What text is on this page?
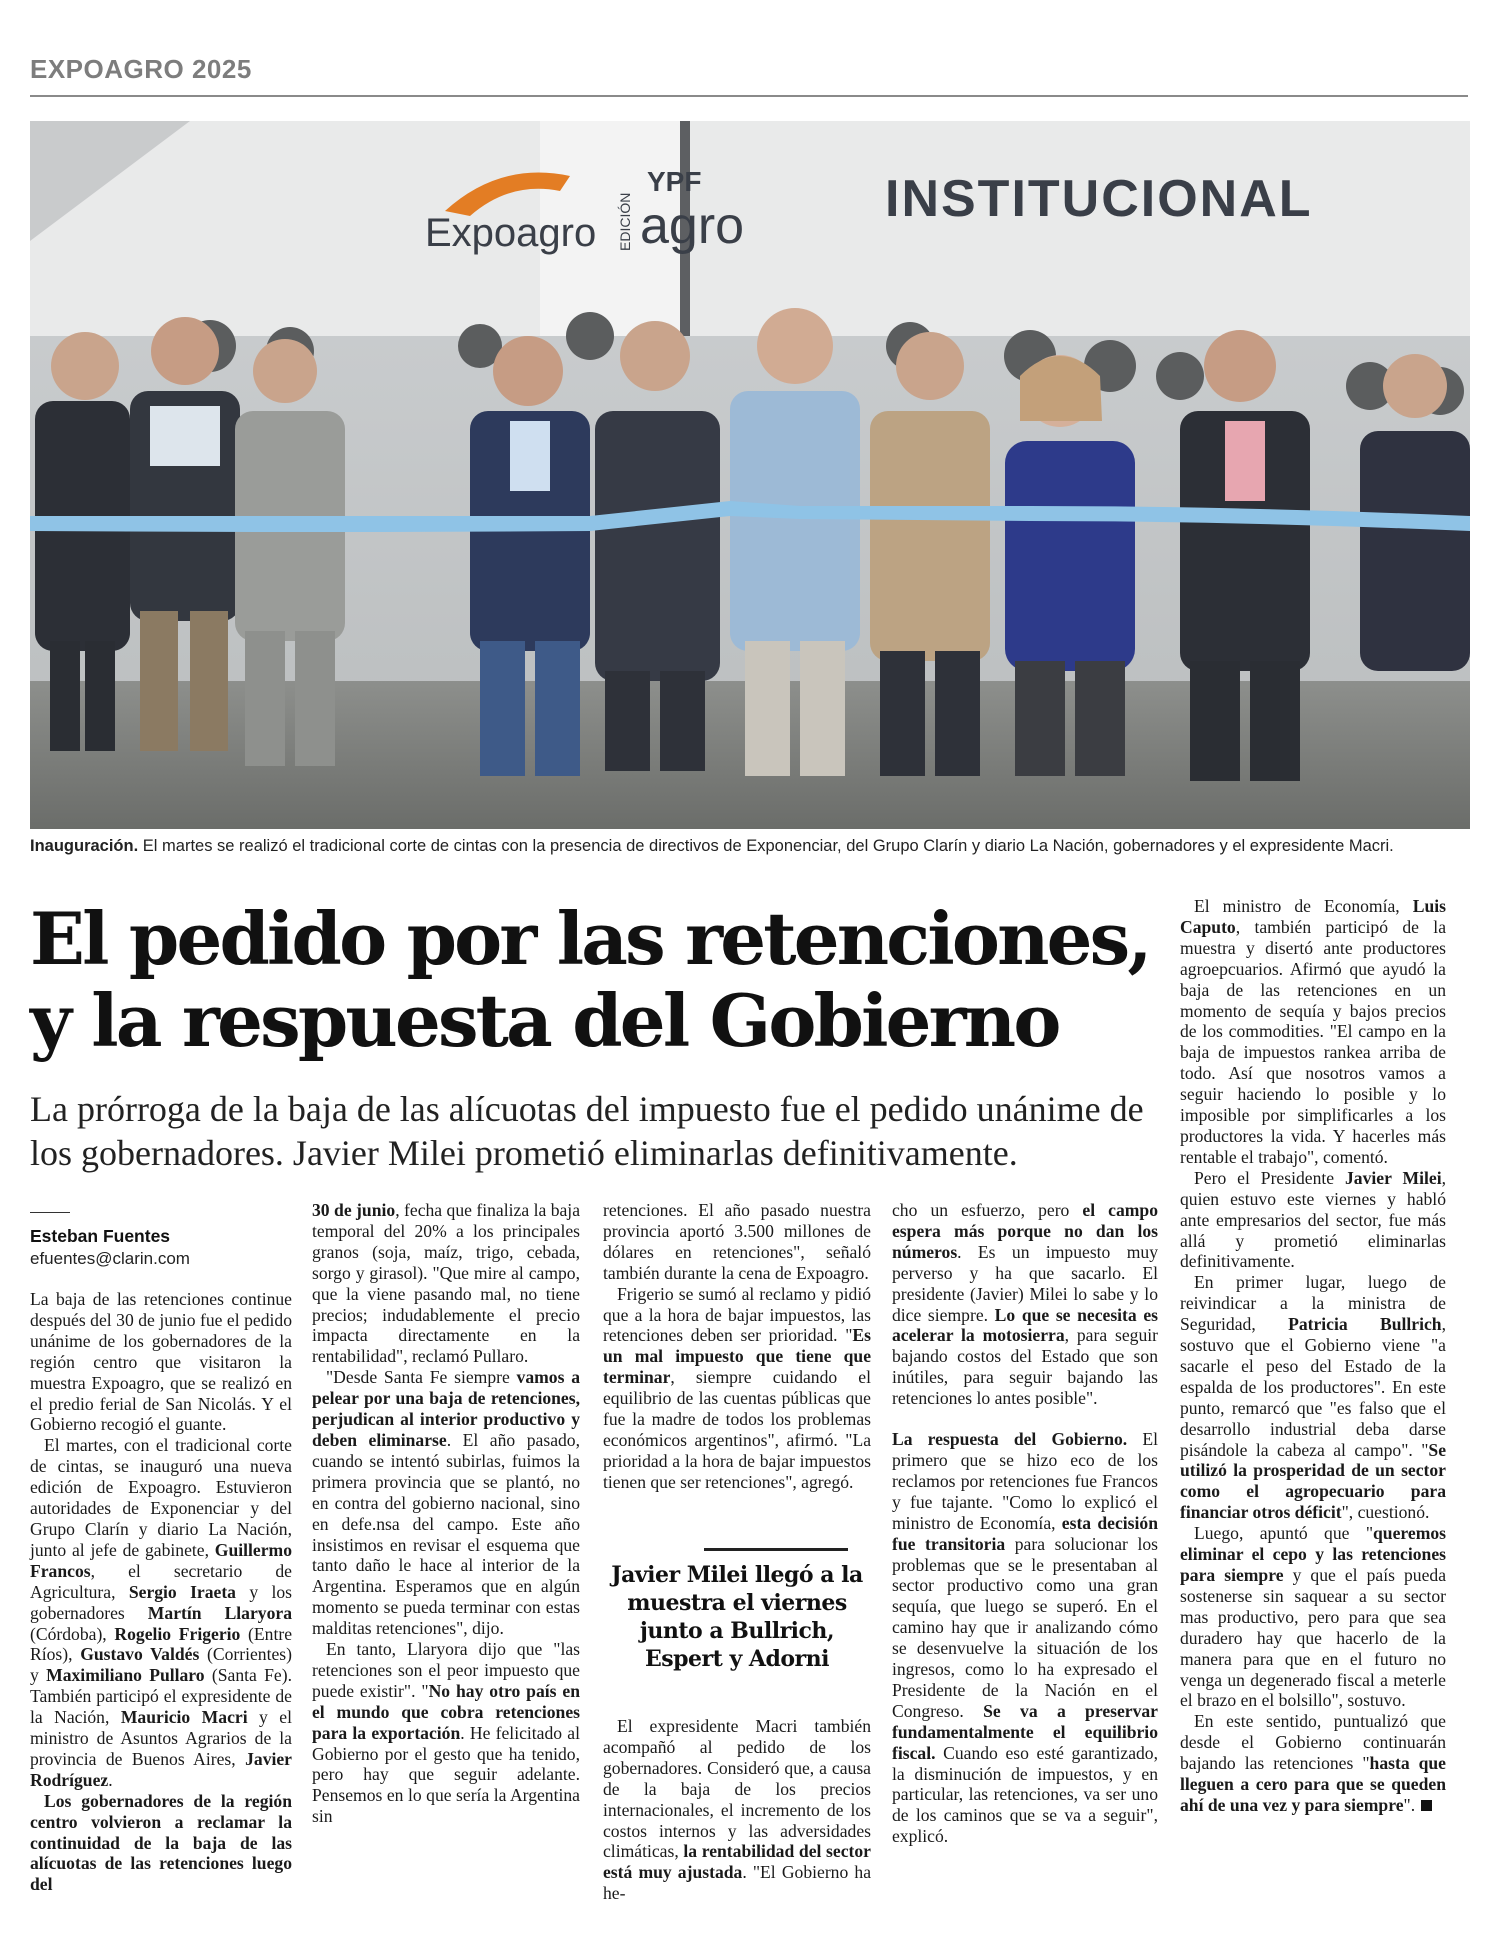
EXPOAGRO 2025
Expoagro EDICIÓN
YPF
agro	INSTITUCIONAL
Inauguración. El martes se realizó el tradicional corte de cintas con la presencia de directivos de Exponenciar, del Grupo Clarín y diario La Nación, gobernadores y el expresidente Macri.
El pedido por las retenciones,
y la respuesta del Gobierno
La prórroga de la baja de las alícuotas del impuesto fue el pedido unánime de los gobernadores. Javier Milei prometió eliminarlas definitivamente.
Esteban Fuentes
efuentes@clarin.com

La baja de las retenciones continue después del 30 de junio fue el pedido unánime de los gobernadores de la región centro que visitaron la muestra Expoagro, que se realizó en el predio ferial de San Nicolás. Y el Gobierno recogió el guante.

El martes, con el tradicional corte de cintas, se inauguró una nueva edición de Expoagro. Estuvieron autoridades de Exponenciar y del Grupo Clarín y diario La Nación, junto al jefe de gabinete, Guillermo Francos, el secretario de Agricultura, Sergio Iraeta y los gobernadores Martín Llaryora (Córdoba), Rogelio Frigerio (Entre Ríos), Gustavo Valdés (Corrientes) y Maximiliano Pullaro (Santa Fe). También participó el expresidente de la Nación, Mauricio Macri y el ministro de Asuntos Agrarios de la provincia de Buenos Aires, Javier Rodríguez.

Los gobernadores de la región centro volvieron a reclamar la continuidad de la baja de las alícuotas de las retenciones luego del

30 de junio, fecha que finaliza la baja temporal del 20% a los principales granos (soja, maíz, trigo, cebada, sorgo y girasol). "Que mire al campo, que la viene pasando mal, no tiene precios; indudablemente el precio impacta directamente en la rentabilidad", reclamó Pullaro.

"Desde Santa Fe siempre vamos a pelear por una baja de retenciones, perjudican al interior productivo y deben eliminarse. El año pasado, cuando se intentó subirlas, fuimos la primera provincia que se plantó, no en contra del gobierno nacional, sino en defe.nsa del campo. Este año insistimos en revisar el esquema que tanto daño le hace al interior de la Argentina. Esperamos que en algún momento se pueda terminar con estas malditas retenciones", dijo.

En tanto, Llaryora dijo que "las retenciones son el peor impuesto que puede existir". "No hay otro país en el mundo que cobra retenciones para la exportación. He felicitado al Gobierno por el gesto que ha tenido, pero hay que seguir adelante. Pensemos en lo que sería la Argentina sin

retenciones. El año pasado nuestra provincia aportó 3.500 millones de dólares en retenciones", señaló también durante la cena de Expoagro.

Frigerio se sumó al reclamo y pidió que a la hora de bajar impuestos, las retenciones deben ser prioridad. "Es un mal impuesto que tiene que terminar, siempre cuidando el equilibrio de las cuentas públicas que fue la madre de todos los problemas económicos argentinos", afirmó. "La prioridad a la hora de bajar impuestos tienen que ser retenciones", agregó.

Javier Milei llegó a la muestra el viernes junto a Bullrich, Espert y Adorni

El expresidente Macri también acompañó al pedido de los gobernadores. Consideró que, a causa de la baja de los precios internacionales, el incremento de los costos internos y las adversidades climáticas, la rentabilidad del sector está muy ajustada. "El Gobierno ha he-

cho un esfuerzo, pero el campo espera más porque no dan los números. Es un impuesto muy perverso y ha que sacarlo. El presidente (Javier) Milei lo sabe y lo dice siempre. Lo que se necesita es acelerar la motosierra, para seguir bajando costos del Estado que son inútiles, para seguir bajando las retenciones lo antes posible".

La respuesta del Gobierno. El primero que se hizo eco de los reclamos por retenciones fue Francos y fue tajante. "Como lo explicó el ministro de Economía, esta decisión fue transitoria para solucionar los problemas que se le presentaban al sector productivo como una gran sequía, que luego se superó. En el camino hay que ir analizando cómo se desenvuelve la situación de los ingresos, como lo ha expresado el Presidente de la Nación en el Congreso. Se va a preservar fundamentalmente el equilibrio fiscal. Cuando eso esté garantizado, la disminución de impuestos, y en particular, las retenciones, va ser uno de los caminos que se va a seguir", explicó.

El ministro de Economía, Luis Caputo, también participó de la muestra y disertó ante productores agroepcuarios. Afirmó que ayudó la baja de las retenciones en un momento de sequía y bajos precios de los commodities. "El campo en la baja de impuestos rankea arriba de todo. Así que nosotros vamos a seguir haciendo lo posible y lo imposible por simplificarles a los productores la vida. Y hacerles más rentable el trabajo", comentó.

Pero el Presidente Javier Milei, quien estuvo este viernes y habló ante empresarios del sector, fue más allá y prometió eliminarlas definitivamente.

En primer lugar, luego de reivindicar a la ministra de Seguridad, Patricia Bullrich, sostuvo que el Gobierno viene "a sacarle el peso del Estado de la espalda de los productores". En este punto, remarcó que "es falso que el desarrollo industrial deba darse pisándole la cabeza al campo". "Se utilizó la prosperidad de un sector como el agropecuario para financiar otros déficit", cuestionó.

Luego, apuntó que "queremos eliminar el cepo y las retenciones para siempre y que el país pueda sostenerse sin saquear a su sector mas productivo, pero para que sea duradero hay que hacerlo de la manera para que en el futuro no venga un degenerado fiscal a meterle el brazo en el bolsillo", sostuvo.

En este sentido, puntualizó que desde el Gobierno continuarán bajando las retenciones "hasta que lleguen a cero para que se queden ahí de una vez y para siempre".
